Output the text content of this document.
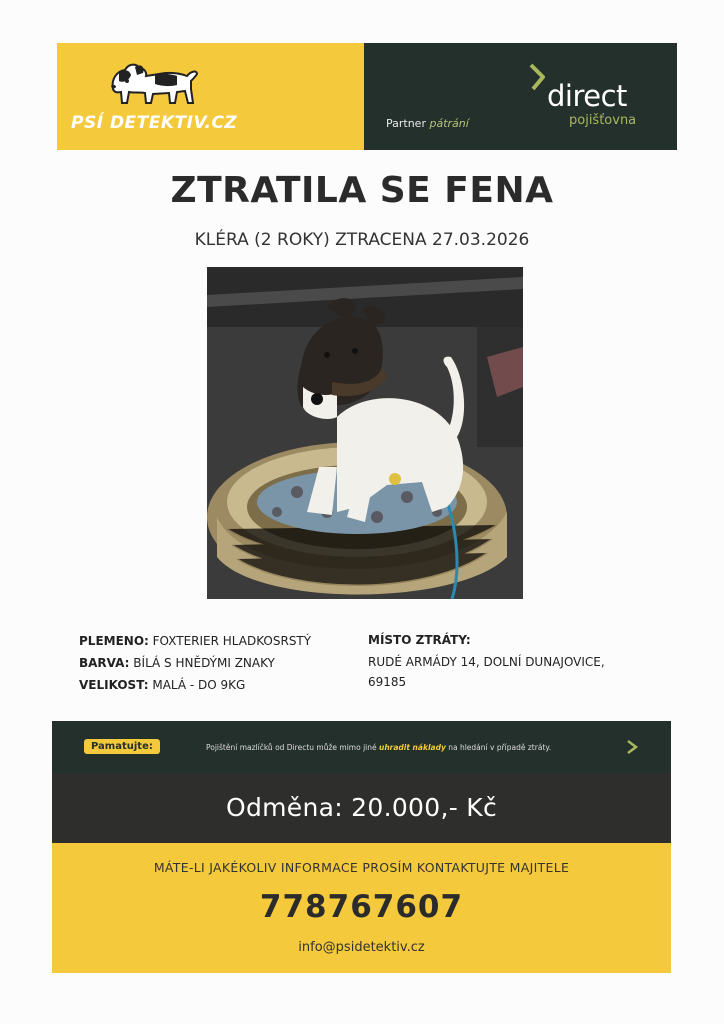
PSÍ DETEKTIV.CZ	Partner pátrání
direct
pojišťovna
ZTRATILA SE FENA
KLÉRA (2 ROKY) ZTRACENA 27.03.2026
PLEMENO: FOXTERIER HLADKOSRSTÝ
BARVA: BÍLÁ S HNĚDÝMI ZNAKY
VELIKOST: MALÁ - DO 9KG
MÍSTO ZTRÁTY:
RUDÉ ARMÁDY 14, DOLNÍ DUNAJOVICE,
69185
Pamatujte:	Pojištění mazlíčků od Directu může mimo jiné uhradit náklady na hledání v případě ztráty.
Odměna: 20.000,- Kč
MÁTE-LI JAKÉKOLIV INFORMACE PROSÍM KONTAKTUJTE MAJITELE
778767607
info@psidetektiv.cz
